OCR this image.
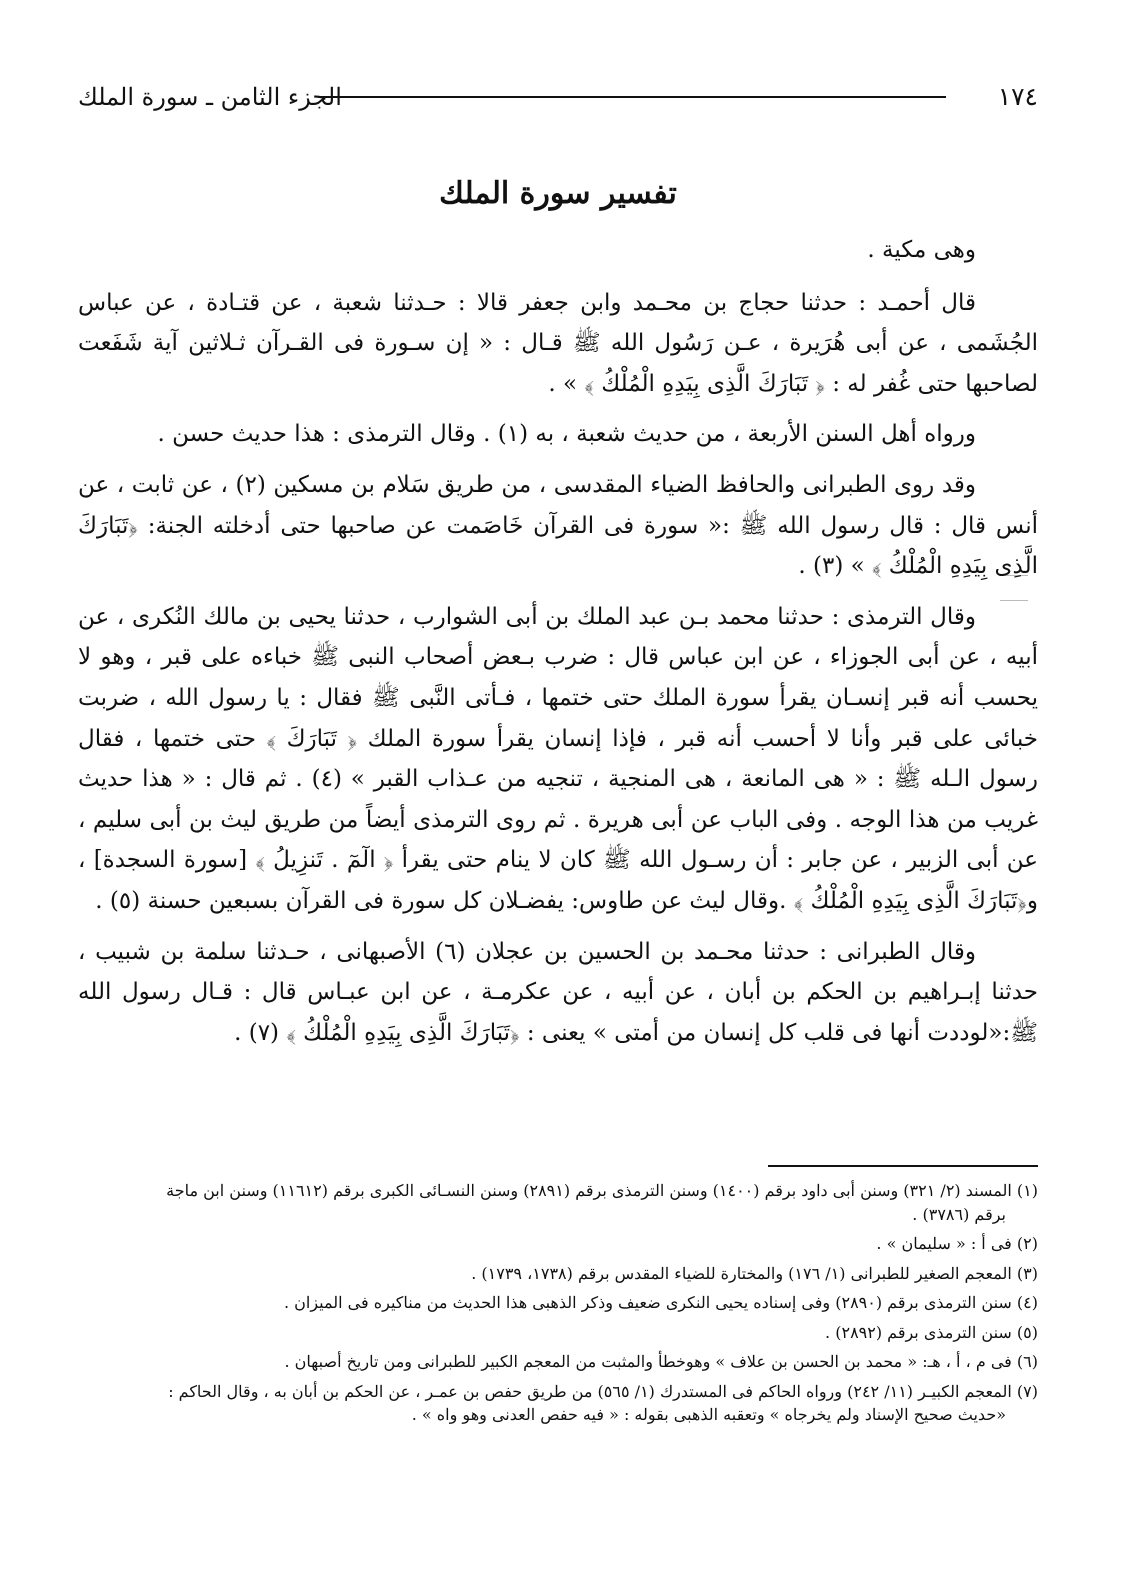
الجزء الثامن ـ سورة الملك	١٧٤
تفسير سورة الملك

وهى مكية .

قال أحمـد : حدثنا حجاج بن محـمد وابن جعفر قالا : حـدثنا شعبة ، عن قتـادة ، عن عباس الجُشَمى ، عن أبى هُرَيرة ، عـن رَسُول الله ﷺ قـال : « إن سـورة فى القـرآن ثـلاثين آية شَفَعت لصاحبها حتى غُفر له : ﴿ تَبَارَكَ الَّذِى بِيَدِهِ الْمُلْكُ ﴾ » .

ورواه أهل السنن الأربعة ، من حديث شعبة ، به (١) . وقال الترمذى : هذا حديث حسن .

وقد روى الطبرانى والحافظ الضياء المقدسى ، من طريق سَلام بن مسكين (٢) ، عن ثابت ، عن أنس قال : قال رسول الله ﷺ :« سورة فى القرآن خَاصَمت عن صاحبها حتى أدخلته الجنة: ﴿تَبَارَكَ الَّذِى بِيَدِهِ الْمُلْكُ ﴾ » (٣) .

وقال الترمذى : حدثنا محمد بـن عبد الملك بن أبى الشوارب ، حدثنا يحيى بن مالك النُكرى ، عن أبيه ، عن أبى الجوزاء ، عن ابن عباس قال : ضرب بـعض أصحاب النبى ﷺ خباءه على قبر ، وهو لا يحسب أنه قبر إنسـان يقرأ سورة الملك حتى ختمها ، فـأتى النَّبى ﷺ فقال : يا رسول الله ، ضربت خبائى على قبر وأنا لا أحسب أنه قبر ، فإذا إنسان يقرأ سورة الملك ﴿ تَبَارَكَ ﴾ حتى ختمها ، فقال رسول الـله ﷺ : « هى المانعة ، هى المنجية ، تنجيه من عـذاب القبر » (٤) . ثم قال : « هذا حديث غريب من هذا الوجه . وفى الباب عن أبى هريرة . ثم روى الترمذى أيضاً من طريق ليث بن أبى سليم ، عن أبى الزبير ، عن جابر : أن رسـول الله ﷺ كان لا ينام حتى يقرأ ﴿ الٓمٓ . تَنزِيلُ ﴾ [سورة السجدة] ، و﴿تَبَارَكَ الَّذِى بِيَدِهِ الْمُلْكُ ﴾ .وقال ليث عن طاوس: يفضـلان كل سورة فى القرآن بسبعين حسنة (٥) .

وقال الطبرانى : حدثنا محـمد بن الحسين بن عجلان (٦) الأصبهانى ، حـدثنا سلمة بن شبيب ، حدثنا إبـراهيم بن الحكم بن أبان ، عن أبيه ، عن عكرمـة ، عن ابن عبـاس قال : قـال رسول الله ﷺ:«لوددت أنها فى قلب كل إنسان من أمتى » يعنى : ﴿تَبَارَكَ الَّذِى بِيَدِهِ الْمُلْكُ ﴾ (٧) .

(١) المسند (٢/ ٣٢١) وسنن أبى داود برقم (١٤٠٠) وسنن الترمذى برقم (٢٨٩١) وسنن النسـائى الكبرى برقم (١١٦١٢) وسنن ابن ماجة
برقم (٣٧٨٦) .

(٢) فى أ : « سليمان » .

(٣) المعجم الصغير للطبرانى (١/ ١٧٦) والمختارة للضياء المقدس برقم (١٧٣٨، ١٧٣٩) .

(٤) سنن الترمذى برقم (٢٨٩٠) وفى إسناده يحيى النكرى ضعيف وذكر الذهبى هذا الحديث من مناكيره فى الميزان .

(٥) سنن الترمذى برقم (٢٨٩٢) .

(٦) فى م ، أ ، هـ: « محمد بن الحسن بن علاف » وهوخطأ والمثبت من المعجم الكبير للطبرانى ومن تاريخ أصبهان .

(٧) المعجم الكبيـر (١١/ ٢٤٢) ورواه الحاكم فى المستدرك (١/ ٥٦٥) من طريق حفص بن عمـر ، عن الحكم بن أبان به ، وقال الحاكم :
«حديث صحيح الإسناد ولم يخرجاه » وتعقبه الذهبى بقوله : « فيه حفص العدنى وهو واه » .
